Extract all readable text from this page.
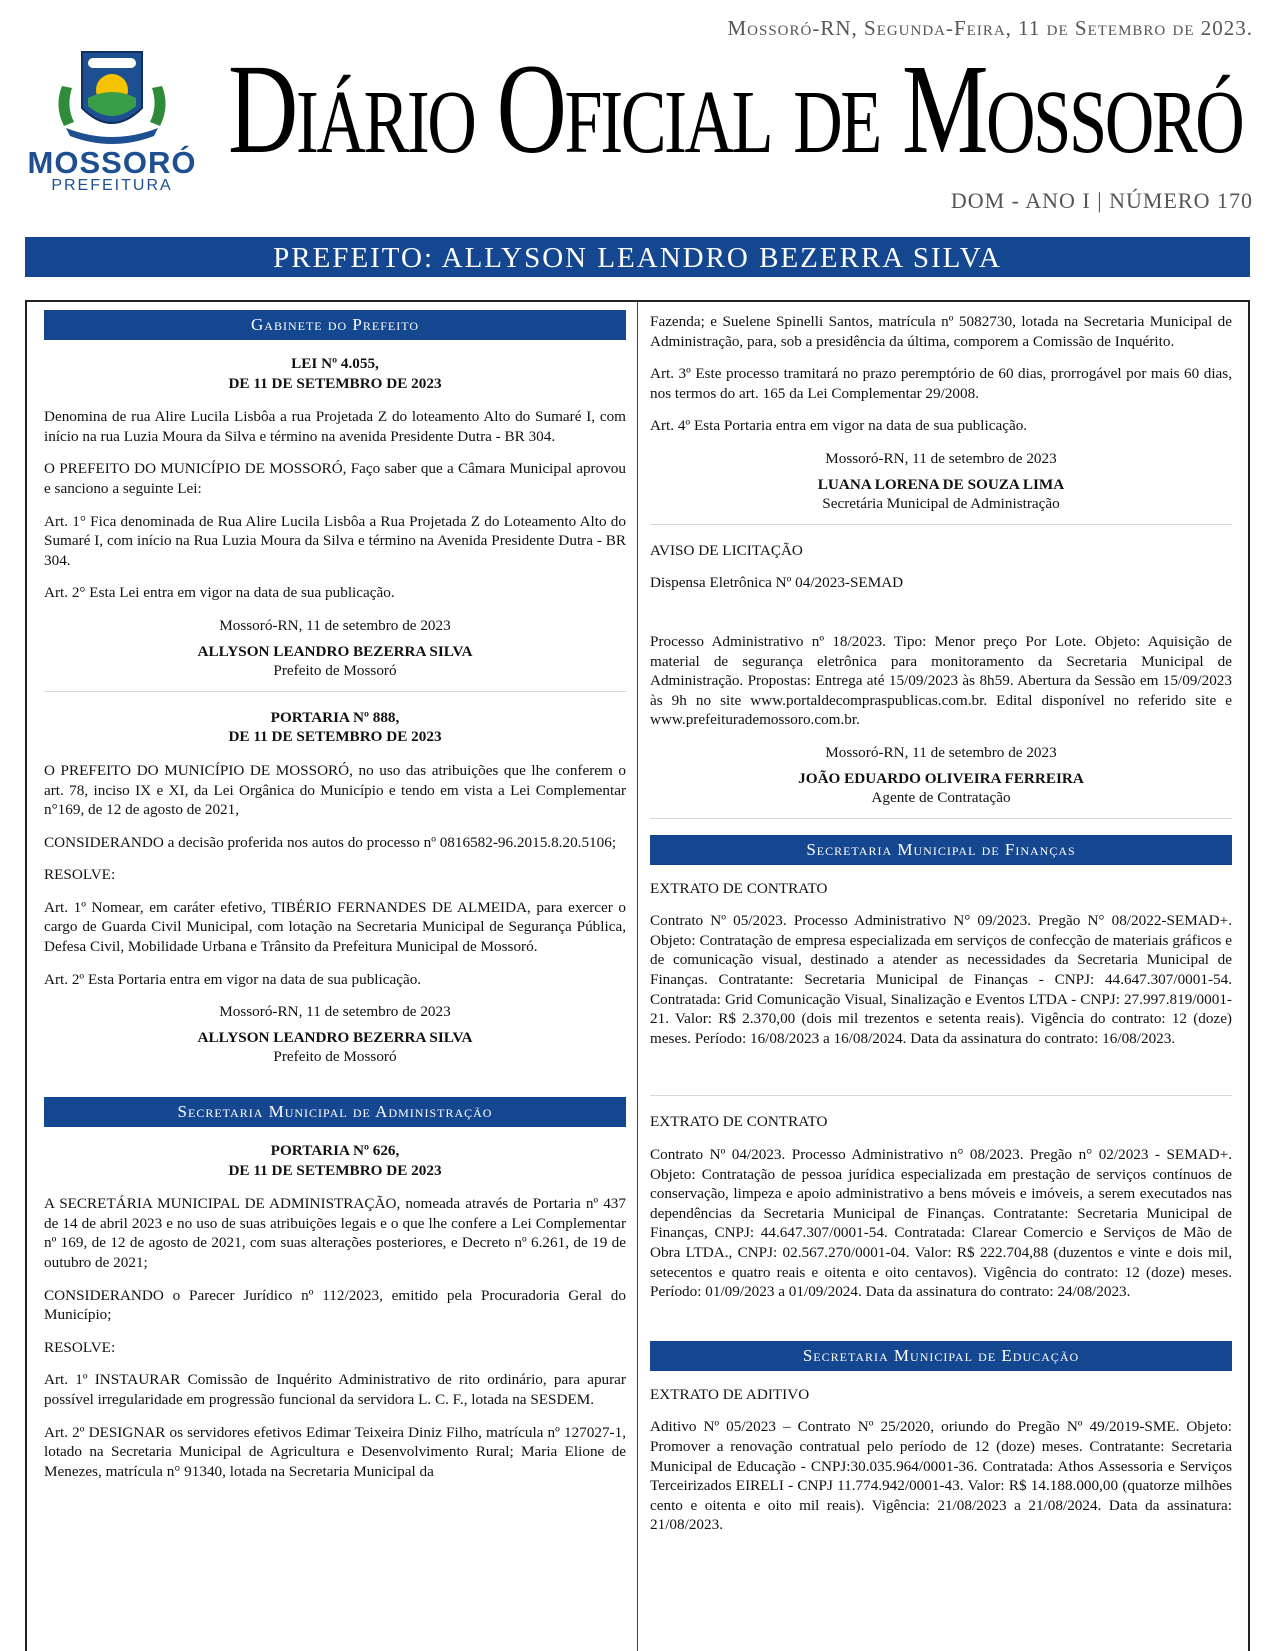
MOSSORÓ
PREFEITURA
Mossoró-RN, Segunda-Feira, 11 de Setembro de 2023.
Diário Oficial de Mossoró
DOM - ANO I | NÚMERO 170
PREFEITO: ALLYSON LEANDRO BEZERRA SILVA
Gabinete do Prefeito
LEI Nº 4.055,
DE 11 DE SETEMBRO DE 2023

Denomina de rua Alire Lucila Lisbôa a rua Projetada Z do loteamento Alto do Sumaré I, com início na rua Luzia Moura da Silva e término na avenida Presidente Dutra - BR 304.

O PREFEITO DO MUNICÍPIO DE MOSSORÓ, Faço saber que a Câmara Municipal aprovou e sanciono a seguinte Lei:

Art. 1° Fica denominada de Rua Alire Lucila Lisbôa a Rua Projetada Z do Loteamento Alto do Sumaré I, com início na Rua Luzia Moura da Silva e término na Avenida Presidente Dutra - BR 304.

Art. 2° Esta Lei entra em vigor na data de sua publicação.

Mossoró-RN, 11 de setembro de 2023

ALLYSON LEANDRO BEZERRA SILVA
Prefeito de Mossoró
PORTARIA Nº 888,
DE 11 DE SETEMBRO DE 2023

O PREFEITO DO MUNICÍPIO DE MOSSORÓ, no uso das atribuições que lhe conferem o art. 78, inciso IX e XI, da Lei Orgânica do Município e tendo em vista a Lei Complementar n°169, de 12 de agosto de 2021,

CONSIDERANDO a decisão proferida nos autos do processo nº 0816582-96.2015.8.20.5106;

RESOLVE:

Art. 1º Nomear, em caráter efetivo, TIBÉRIO FERNANDES DE ALMEIDA, para exercer o cargo de Guarda Civil Municipal, com lotação na Secretaria Municipal de Segurança Pública, Defesa Civil, Mobilidade Urbana e Trânsito da Prefeitura Municipal de Mossoró.

Art. 2º Esta Portaria entra em vigor na data de sua publicação.

Mossoró-RN, 11 de setembro de 2023

ALLYSON LEANDRO BEZERRA SILVA
Prefeito de Mossoró
Secretaria Municipal de Administração
PORTARIA Nº 626,
DE 11 DE SETEMBRO DE 2023

A SECRETÁRIA MUNICIPAL DE ADMINISTRAÇÃO, nomeada através de Portaria nº 437 de 14 de abril 2023 e no uso de suas atribuições legais e o que lhe confere a Lei Complementar nº 169, de 12 de agosto de 2021, com suas alterações posteriores, e Decreto nº 6.261, de 19 de outubro de 2021;

CONSIDERANDO o Parecer Jurídico nº 112/2023, emitido pela Procuradoria Geral do Município;

RESOLVE:

Art. 1º INSTAURAR Comissão de Inquérito Administrativo de rito ordinário, para apurar possível irregularidade em progressão funcional da servidora L. C. F., lotada na SESDEM.

Art. 2º DESIGNAR os servidores efetivos Edimar Teixeira Diniz Filho, matrícula nº 127027-1, lotado na Secretaria Municipal de Agricultura e Desenvolvimento Rural; Maria Elione de Menezes, matrícula n° 91340, lotada na Secretaria Municipal da

Fazenda; e Suelene Spinelli Santos, matrícula nº 5082730, lotada na Secretaria Municipal de Administração, para, sob a presidência da última, comporem a Comissão de Inquérito.

Art. 3º Este processo tramitará no prazo peremptório de 60 dias, prorrogável por mais 60 dias, nos termos do art. 165 da Lei Complementar 29/2008.

Art. 4º Esta Portaria entra em vigor na data de sua publicação.

Mossoró-RN, 11 de setembro de 2023

LUANA LORENA DE SOUZA LIMA
Secretária Municipal de Administração

AVISO DE LICITAÇÃO

Dispensa Eletrônica Nº 04/2023-SEMAD

Processo Administrativo nº 18/2023. Tipo: Menor preço Por Lote. Objeto: Aquisição de material de segurança eletrônica para monitoramento da Secretaria Municipal de Administração. Propostas: Entrega até 15/09/2023 às 8h59. Abertura da Sessão em 15/09/2023 às 9h no site www.portaldecompraspublicas.com.br. Edital disponível no referido site e www.prefeiturademossoro.com.br.

Mossoró-RN, 11 de setembro de 2023

JOÃO EDUARDO OLIVEIRA FERREIRA
Agente de Contratação
Secretaria Municipal de Finanças

EXTRATO DE CONTRATO

Contrato Nº 05/2023. Processo Administrativo N° 09/2023. Pregão N° 08/2022-SEMAD+. Objeto: Contratação de empresa especializada em serviços de confecção de materiais gráficos e de comunicação visual, destinado a atender as necessidades da Secretaria Municipal de Finanças. Contratante: Secretaria Municipal de Finanças - CNPJ: 44.647.307/0001-54. Contratada: Grid Comunicação Visual, Sinalização e Eventos LTDA - CNPJ: 27.997.819/0001-21. Valor: R$ 2.370,00 (dois mil trezentos e setenta reais). Vigência do contrato: 12 (doze) meses. Período: 16/08/2023 a 16/08/2024. Data da assinatura do contrato: 16/08/2023.

EXTRATO DE CONTRATO

Contrato Nº 04/2023. Processo Administrativo n° 08/2023. Pregão n° 02/2023 - SEMAD+. Objeto: Contratação de pessoa jurídica especializada em prestação de serviços contínuos de conservação, limpeza e apoio administrativo a bens móveis e imóveis, a serem executados nas dependências da Secretaria Municipal de Finanças. Contratante: Secretaria Municipal de Finanças, CNPJ: 44.647.307/0001-54. Contratada: Clarear Comercio e Serviços de Mão de Obra LTDA., CNPJ: 02.567.270/0001-04. Valor: R$ 222.704,88 (duzentos e vinte e dois mil, setecentos e quatro reais e oitenta e oito centavos). Vigência do contrato: 12 (doze) meses. Período: 01/09/2023 a 01/09/2024. Data da assinatura do contrato: 24/08/2023.

Secretaria Municipal de Educação

EXTRATO DE ADITIVO

Aditivo Nº 05/2023 – Contrato Nº 25/2020, oriundo do Pregão Nº 49/2019-SME. Objeto: Promover a renovação contratual pelo período de 12 (doze) meses. Contratante: Secretaria Municipal de Educação - CNPJ:30.035.964/0001-36. Contratada: Athos Assessoria e Serviços Terceirizados EIRELI - CNPJ 11.774.942/0001-43. Valor: R$ 14.188.000,00 (quatorze milhões cento e oitenta e oito mil reais). Vigência: 21/08/2023 a 21/08/2024. Data da assinatura: 21/08/2023.
